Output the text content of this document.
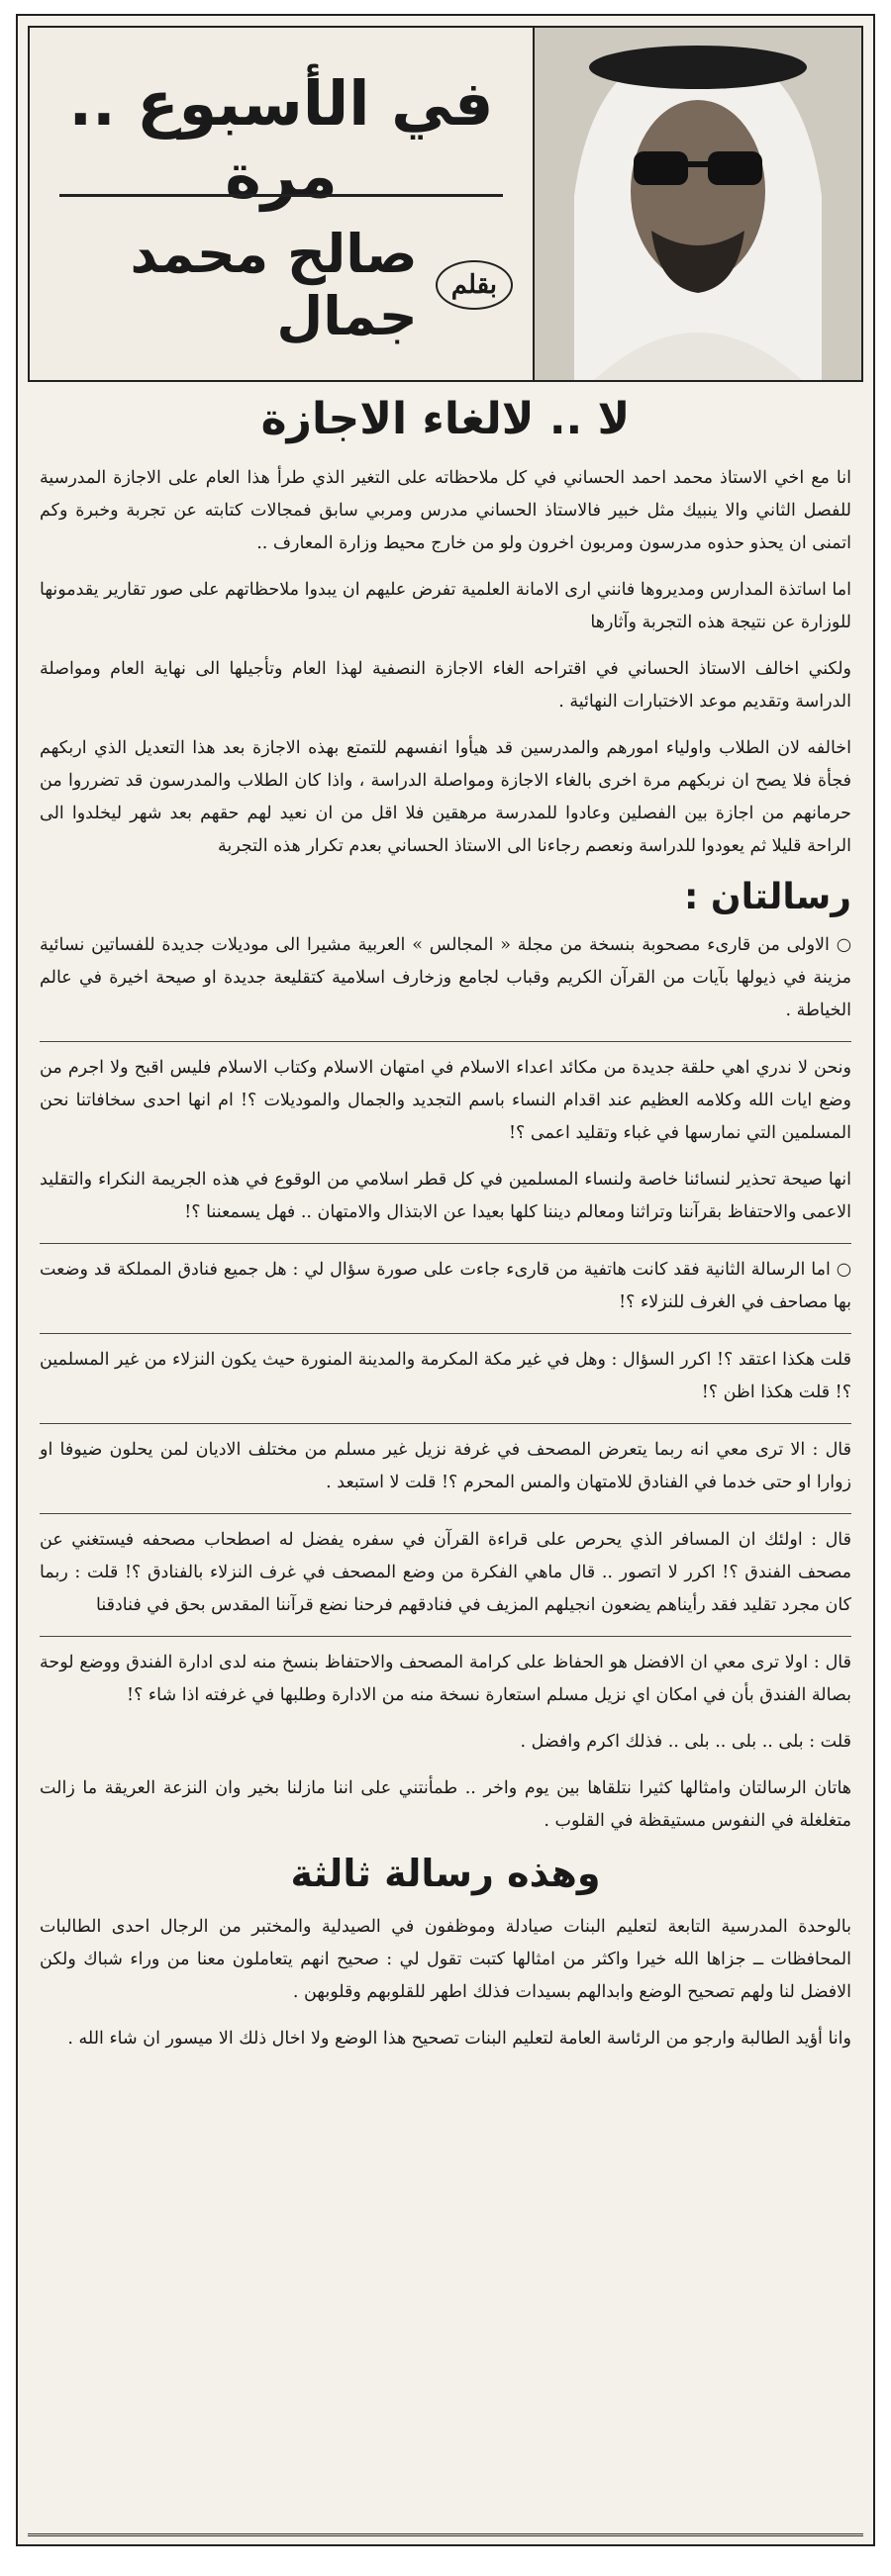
في الأسبوع .. مرة
بقلم
صالح محمد جمال
لا .. لالغاء الاجازة

انا مع اخي الاستاذ محمد احمد الحساني في كل ملاحظاته على التغير الذي طرأ هذا العام على الاجازة المدرسية للفصل الثاني والا ينبيك مثل خبير فالاستاذ الحساني مدرس ومربي سابق فمجالات كتابته عن تجربة وخبرة وكم اتمنى ان يحذو حذوه مدرسون ومربون اخرون ولو من خارج محيط وزارة المعارف ..

اما اساتذة المدارس ومديروها فانني ارى الامانة العلمية تفرض عليهم ان يبدوا ملاحظاتهم على صور تقارير يقدمونها للوزارة عن نتيجة هذه التجربة وآثارها

ولكني اخالف الاستاذ الحساني في اقتراحه الغاء الاجازة النصفية لهذا العام وتأجيلها الى نهاية العام ومواصلة الدراسة وتقديم موعد الاختبارات النهائية .

اخالفه لان الطلاب واولياء امورهم والمدرسين قد هيأوا انفسهم للتمتع بهذه الاجازة بعد هذا التعديل الذي اربكهم فجأة فلا يصح ان نربكهم مرة اخرى بالغاء الاجازة ومواصلة الدراسة ، واذا كان الطلاب والمدرسون قد تضرروا من حرمانهم من اجازة بين الفصلين وعادوا للمدرسة مرهقين فلا اقل من ان نعيد لهم حقهم بعد شهر ليخلدوا الى الراحة قليلا ثم يعودوا للدراسة ونعصم رجاءنا الى الاستاذ الحساني بعدم تكرار هذه التجربة

رسالتان :

○ الاولى من قارىء مصحوبة بنسخة من مجلة « المجالس » العربية مشيرا الى موديلات جديدة للفساتين نسائية مزينة في ذيولها بآيات من القرآن الكريم وقباب لجامع وزخارف اسلامية كتقليعة جديدة او صيحة اخيرة في عالم الخياطة .

ونحن لا ندري اهي حلقة جديدة من مكائد اعداء الاسلام في امتهان الاسلام وكتاب الاسلام فليس اقبح ولا اجرم من وضع ايات الله وكلامه العظيم عند اقدام النساء باسم التجديد والجمال والموديلات ؟! ام انها احدى سخافاتنا نحن المسلمين التي نمارسها في غباء وتقليد اعمى ؟!

انها صيحة تحذير لنسائنا خاصة ولنساء المسلمين في كل قطر اسلامي من الوقوع في هذه الجريمة النكراء والتقليد الاعمى والاحتفاظ بقرآننا وتراثنا ومعالم ديننا كلها بعيدا عن الابتذال والامتهان .. فهل يسمعننا ؟!

○ اما الرسالة الثانية فقد كانت هاتفية من قارىء جاءت على صورة سؤال لي : هل جميع فنادق المملكة قد وضعت بها مصاحف في الغرف للنزلاء ؟!

قلت هكذا اعتقد ؟! اكرر السؤال : وهل في غير مكة المكرمة والمدينة المنورة حيث يكون النزلاء من غير المسلمين ؟! قلت هكذا اظن ؟!

قال : الا ترى معي انه ربما يتعرض المصحف في غرفة نزيل غير مسلم من مختلف الاديان لمن يحلون ضيوفا او زوارا او حتى خدما في الفنادق للامتهان والمس المحرم ؟! قلت لا استبعد .

قال : اولئك ان المسافر الذي يحرص على قراءة القرآن في سفره يفضل له اصطحاب مصحفه فيستغني عن مصحف الفندق ؟! اكرر لا اتصور .. قال ماهي الفكرة من وضع المصحف في غرف النزلاء بالفنادق ؟! قلت : ربما كان مجرد تقليد فقد رأيناهم يضعون انجيلهم المزيف في فنادقهم فرحنا نضع قرآننا المقدس بحق في فنادقنا

قال : اولا ترى معي ان الافضل هو الحفاظ على كرامة المصحف والاحتفاظ بنسخ منه لدى ادارة الفندق ووضع لوحة بصالة الفندق بأن في امكان اي نزيل مسلم استعارة نسخة منه من الادارة وطلبها في غرفته اذا شاء ؟!

قلت : بلى .. بلى .. بلى .. فذلك اكرم وافضل .

هاتان الرسالتان وامثالها كثيرا نتلقاها بين يوم واخر .. طمأنتني على اننا مازلنا بخير وان النزعة العريقة ما زالت متغلغلة في النفوس مستيقظة في القلوب .

وهذه رسالة ثالثة

بالوحدة المدرسية التابعة لتعليم البنات صيادلة وموظفون في الصيدلية والمختبر من الرجال احدى الطالبات المحافظات ــ جزاها الله خيرا واكثر من امثالها كتبت تقول لي : صحيح انهم يتعاملون معنا من وراء شباك ولكن الافضل لنا ولهم تصحيح الوضع وابدالهم بسيدات فذلك اطهر للقلوبهم وقلوبهن .

وانا أؤيد الطالبة وارجو من الرئاسة العامة لتعليم البنات تصحيح هذا الوضع ولا اخال ذلك الا ميسور ان شاء الله .
